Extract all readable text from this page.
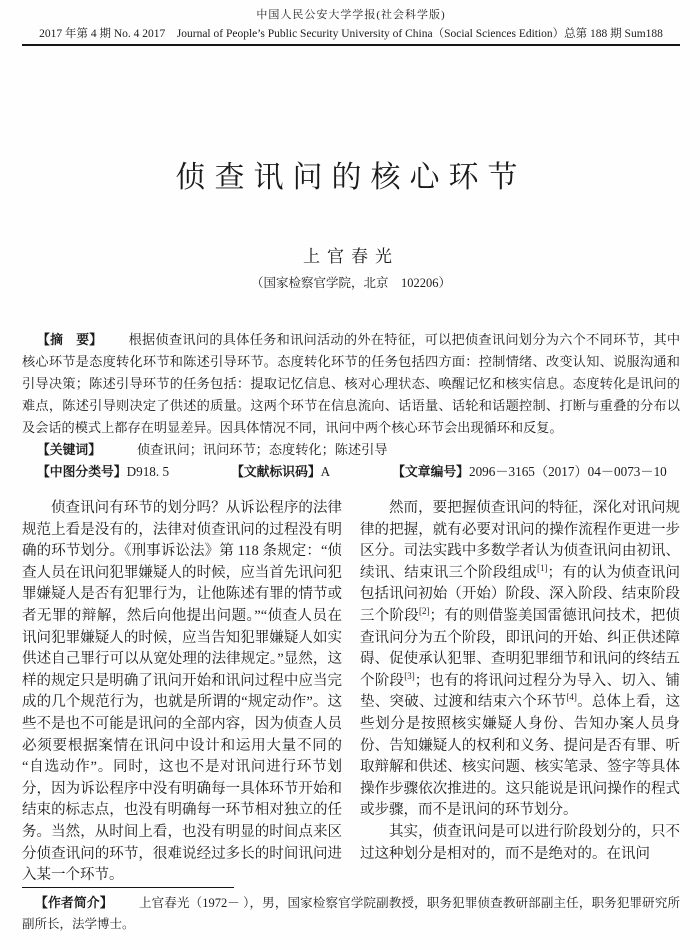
中国人民公安大学学报(社会科学版)
2017 年第 4 期 No. 4 2017　Journal of People’s Public Security University of China（Social Sciences Edition）总第 188 期 Sum188
侦查讯问的核心环节
上官春光
（国家检察官学院，北京　102206）

【摘　要】 根据侦查讯问的具体任务和讯问活动的外在特征，可以把侦查讯问划分为六个不同环节，其中核心环节是态度转化环节和陈述引导环节。态度转化环节的任务包括四方面：控制情绪、改变认知、说服沟通和引导决策；陈述引导环节的任务包括：提取记忆信息、核对心理状态、唤醒记忆和核实信息。态度转化是讯问的难点，陈述引导则决定了供述的质量。这两个环节在信息流向、话语量、话轮和话题控制、打断与重叠的分布以及会话的模式上都存在明显差异。因具体情况不同，讯问中两个核心环节会出现循环和反复。

【关键词】	侦查讯问；讯问环节；态度转化；陈述引导

【中图分类号】D918. 5	【文献标识码】A	【文章编号】2096－3165（2017）04－0073－10

侦查讯问有环节的划分吗？从诉讼程序的法律规范上看是没有的，法律对侦查讯问的过程没有明确的环节划分。《刑事诉讼法》第 118 条规定：“侦查人员在讯问犯罪嫌疑人的时候，应当首先讯问犯罪嫌疑人是否有犯罪行为，让他陈述有罪的情节或者无罪的辩解，然后向他提出问题。”“侦查人员在讯问犯罪嫌疑人的时候，应当告知犯罪嫌疑人如实供述自己罪行可以从宽处理的法律规定。”显然，这样的规定只是明确了讯问开始和讯问过程中应当完成的几个规范行为，也就是所谓的“规定动作”。这些不是也不可能是讯问的全部内容，因为侦查人员必须要根据案情在讯问中设计和运用大量不同的“自选动作”。同时，这也不是对讯问进行环节划分，因为诉讼程序中没有明确每一具体环节开始和结束的标志点，也没有明确每一环节相对独立的任务。当然，从时间上看，也没有明显的时间点来区分侦查讯问的环节，很难说经过多长的时间讯问进入某一个环节。

然而，要把握侦查讯问的特征，深化对讯问规律的把握，就有必要对讯问的操作流程作更进一步区分。司法实践中多数学者认为侦查讯问由初讯、续讯、结束讯三个阶段组成[1]；有的认为侦查讯问包括讯问初始（开始）阶段、深入阶段、结束阶段三个阶段[2]；有的则借鉴美国雷德讯问技术，把侦查讯问分为五个阶段，即讯问的开始、纠正供述障碍、促使承认犯罪、查明犯罪细节和讯问的终结五个阶段[3]；也有的将讯问过程分为导入、切入、铺垫、突破、过渡和结束六个环节[4]。总体上看，这些划分是按照核实嫌疑人身份、告知办案人员身份、告知嫌疑人的权利和义务、提问是否有罪、听取辩解和供述、核实问题、核实笔录、签字等具体操作步骤依次推进的。这只能说是讯问操作的程式或步骤，而不是讯问的环节划分。

其实，侦查讯问是可以进行阶段划分的，只不过这种划分是相对的，而不是绝对的。在讯问

【作者简介】 上官春光（1972－ ），男，国家检察官学院副教授，职务犯罪侦查教研部副主任，职务犯罪研究所副所长，法学博士。
